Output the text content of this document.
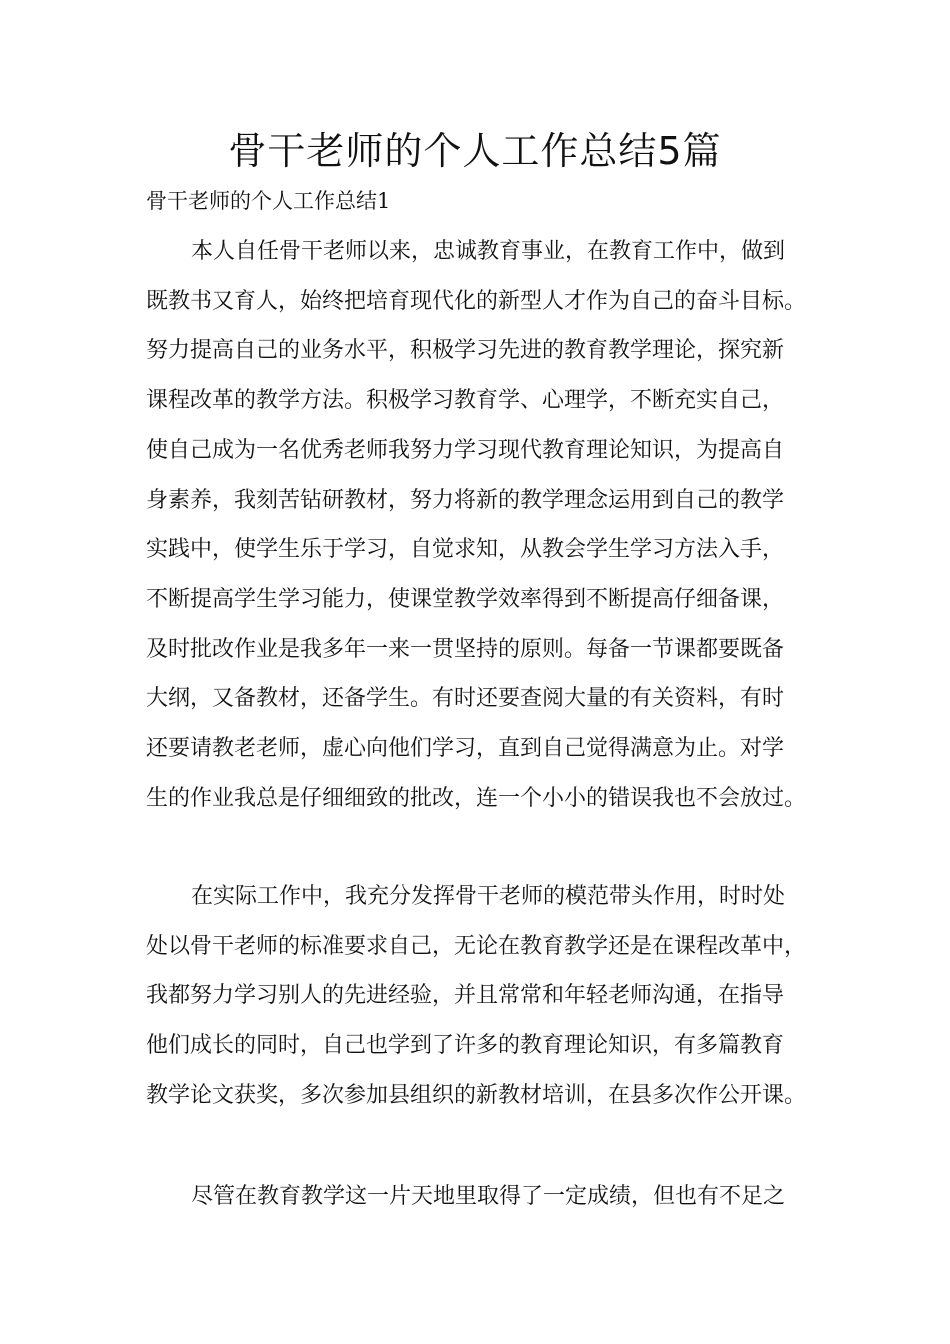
骨干老师的个人工作总结5篇

骨干老师的个人工作总结1

本人自任骨干老师以来，忠诚教育事业，在教育工作中，做到
既教书又育人，始终把培育现代化的新型人才作为自己的奋斗目标。
努力提高自己的业务水平，积极学习先进的教育教学理论，探究新
课程改革的教学方法。积极学习教育学、心理学，不断充实自己，
使自己成为一名优秀老师我努力学习现代教育理论知识，为提高自
身素养，我刻苦钻研教材，努力将新的教学理念运用到自己的教学
实践中，使学生乐于学习，自觉求知，从教会学生学习方法入手，
不断提高学生学习能力，使课堂教学效率得到不断提高仔细备课，
及时批改作业是我多年一来一贯坚持的原则。每备一节课都要既备
大纲，又备教材，还备学生。有时还要查阅大量的有关资料，有时
还要请教老老师，虚心向他们学习，直到自己觉得满意为止。对学
生的作业我总是仔细细致的批改，连一个小小的错误我也不会放过。
在实际工作中，我充分发挥骨干老师的模范带头作用，时时处
处以骨干老师的标准要求自己，无论在教育教学还是在课程改革中，
我都努力学习别人的先进经验，并且常常和年轻老师沟通，在指导
他们成长的同时，自己也学到了许多的教育理论知识，有多篇教育
教学论文获奖，多次参加县组织的新教材培训，在县多次作公开课。
尽管在教育教学这一片天地里取得了一定成绩，但也有不足之
